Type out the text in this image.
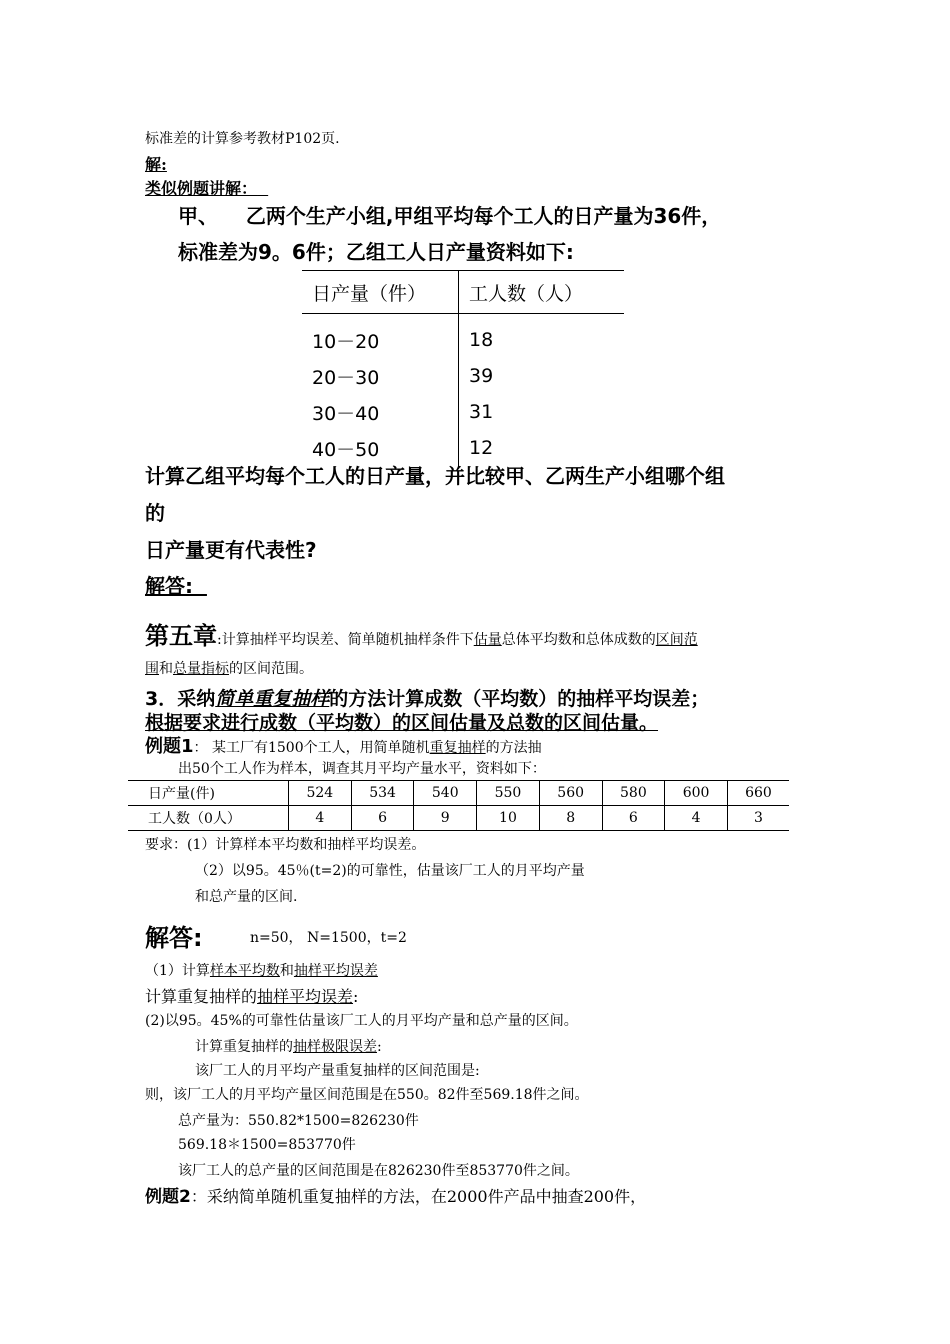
标准差的计算参考教材P102页.
解:
类似例题讲解：
甲、 乙两个生产小组,甲组平均每个工人的日产量为36件，
标准差为9。6件；乙组工人日产量资料如下:
日产量（件）	工人数（人）

10－20	18
20－30	39
30－40	31
40－50	12
计算乙组平均每个工人的日产量，并比较甲、乙两生产小组哪个组
的
日产量更有代表性?
解答:
第五章:计算抽样平均误差、简单随机抽样条件下估量总体平均数和总体成数的区间范
围和总量指标的区间范围。
3．采纳简单重复抽样的方法计算成数（平均数）的抽样平均误差；
根据要求进行成数（平均数）的区间估量及总数的区间估量。
例题1： 某工厂有1500个工人，用简单随机重复抽样的方法抽
出50个工人作为样本，调查其月平均产量水平，资料如下：
日产量(件)	524	534	540	550	560	580	600	660
工人数（0人）	4	6	9	10	8	6	4	3
要求：(1）计算样本平均数和抽样平均误差。
（2）以95。45％(t=2)的可靠性，估量该厂工人的月平均产量
和总产量的区间.
解答:	n=50， N=1500，t=2
（1）计算样本平均数和抽样平均误差
计算重复抽样的抽样平均误差:
(2)以95。45%的可靠性估量该厂工人的月平均产量和总产量的区间。
计算重复抽样的抽样极限误差:
该厂工人的月平均产量重复抽样的区间范围是:
则，该厂工人的月平均产量区间范围是在550。82件至569.18件之间。
总产量为：550.82*1500=826230件
569.18＊1500=853770件
该厂工人的总产量的区间范围是在826230件至853770件之间。
例题2：采纳简单随机重复抽样的方法，在2000件产品中抽查200件，
